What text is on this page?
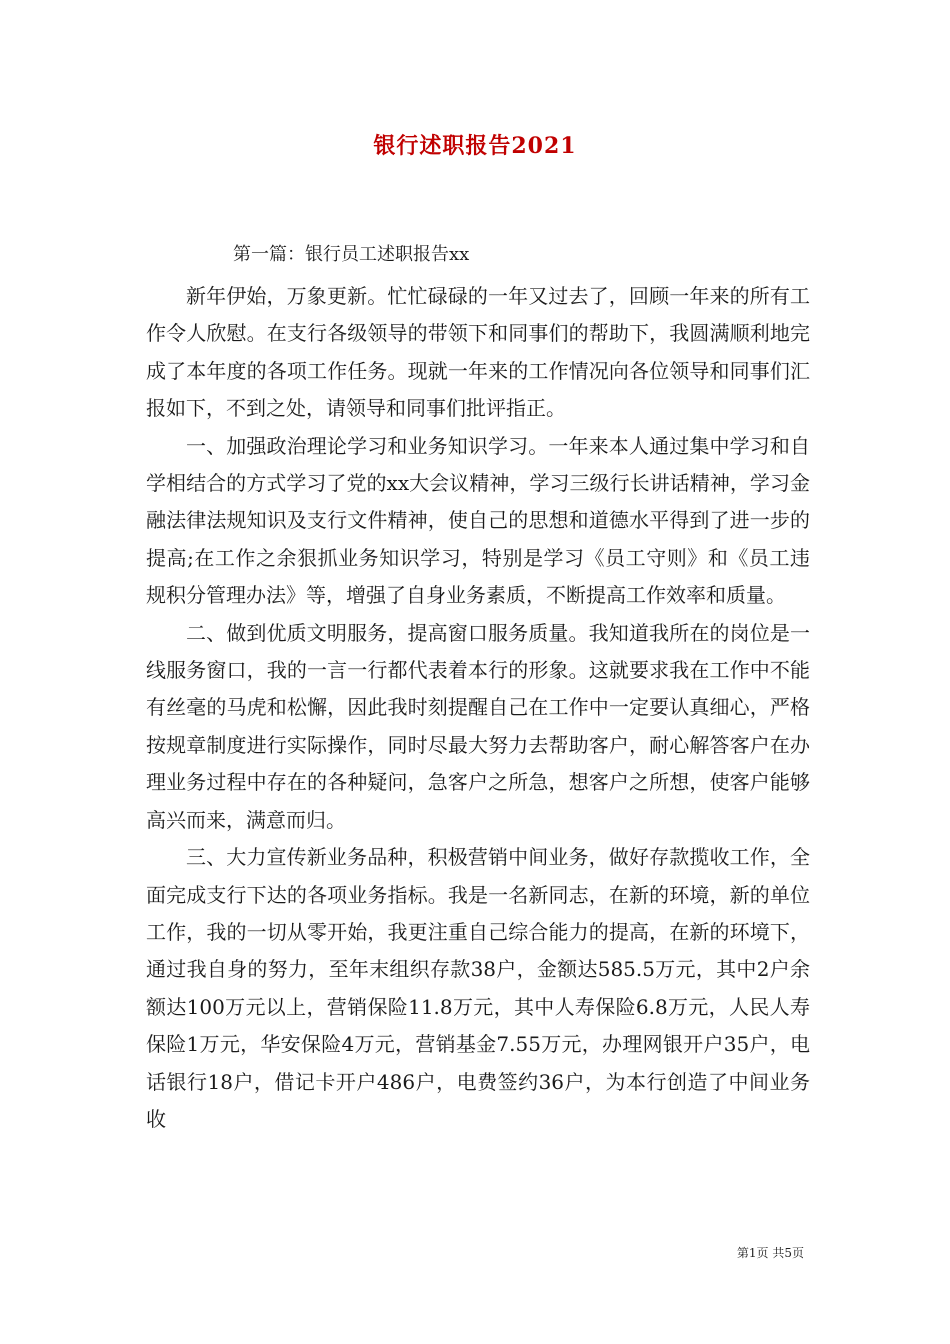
银行述职报告2021
第一篇：银行员工述职报告xx

新年伊始，万象更新。忙忙碌碌的一年又过去了，回顾一年来的所有工作令人欣慰。在支行各级领导的带领下和同事们的帮助下，我圆满顺利地完成了本年度的各项工作任务。现就一年来的工作情况向各位领导和同事们汇报如下，不到之处，请领导和同事们批评指正。

一、加强政治理论学习和业务知识学习。一年来本人通过集中学习和自学相结合的方式学习了党的xx大会议精神，学习三级行长讲话精神，学习金融法律法规知识及支行文件精神，使自己的思想和道德水平得到了进一步的提高;在工作之余狠抓业务知识学习，特别是学习《员工守则》和《员工违规积分管理办法》等，增强了自身业务素质，不断提高工作效率和质量。

二、做到优质文明服务，提高窗口服务质量。我知道我所在的岗位是一线服务窗口，我的一言一行都代表着本行的形象。这就要求我在工作中不能有丝毫的马虎和松懈，因此我时刻提醒自己在工作中一定要认真细心，严格按规章制度进行实际操作，同时尽最大努力去帮助客户，耐心解答客户在办理业务过程中存在的各种疑问，急客户之所急，想客户之所想，使客户能够高兴而来，满意而归。

三、大力宣传新业务品种，积极营销中间业务，做好存款揽收工作，全面完成支行下达的各项业务指标。我是一名新同志，在新的环境，新的单位工作，我的一切从零开始，我更注重自己综合能力的提高，在新的环境下，通过我自身的努力，至年末组织存款38户，金额达585.5万元，其中2户余额达100万元以上，营销保险11.8万元，其中人寿保险6.8万元，人民人寿保险1万元，华安保险4万元，营销基金7.55万元，办理网银开户35户，电话银行18户，借记卡开户486户，电费签约36户，为本行创造了中间业务收

第1页 共5页
